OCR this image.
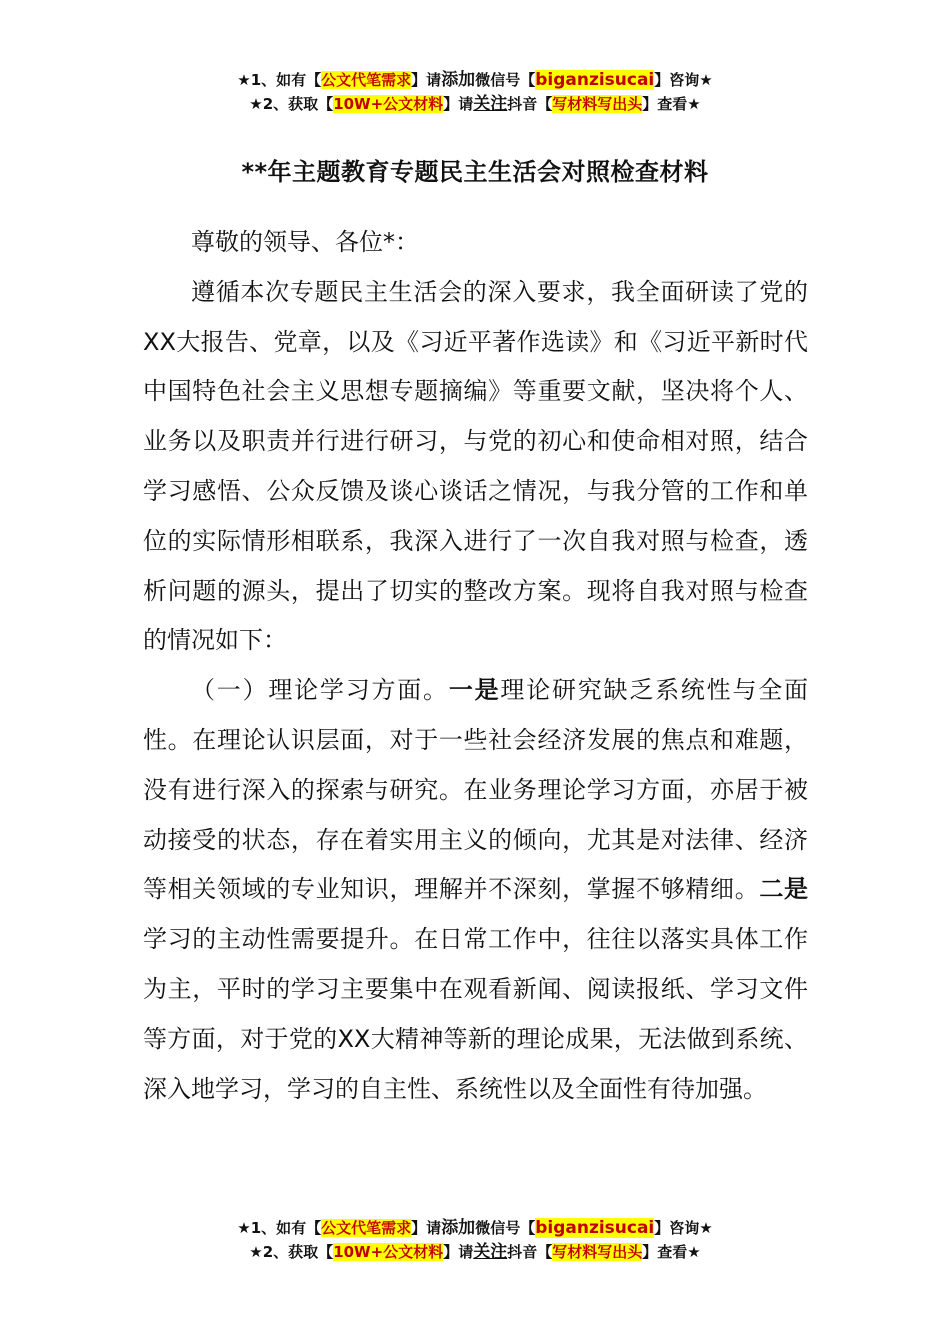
★1、如有【公文代笔需求】请添加微信号【biganzisucai】咨询★
★2、获取【10W+公文材料】请关注抖音【写材料写出头】查看★
**年主题教育专题民主生活会对照检查材料

尊敬的领导、各位*：

遵循本次专题民主生活会的深入要求，我全面研读了党的XX大报告、党章，以及《习近平著作选读》和《习近平新时代中国特色社会主义思想专题摘编》等重要文献，坚决将个人、业务以及职责并行进行研习，与党的初心和使命相对照，结合学习感悟、公众反馈及谈心谈话之情况，与我分管的工作和单位的实际情形相联系，我深入进行了一次自我对照与检查，透析问题的源头，提出了切实的整改方案。现将自我对照与检查的情况如下：

（一）理论学习方面。一是理论研究缺乏系统性与全面性。在理论认识层面，对于一些社会经济发展的焦点和难题，没有进行深入的探索与研究。在业务理论学习方面，亦居于被动接受的状态，存在着实用主义的倾向，尤其是对法律、经济等相关领域的专业知识，理解并不深刻，掌握不够精细。二是学习的主动性需要提升。在日常工作中，往往以落实具体工作为主，平时的学习主要集中在观看新闻、阅读报纸、学习文件等方面，对于党的XX大精神等新的理论成果，无法做到系统、深入地学习，学习的自主性、系统性以及全面性有待加强。

★1、如有【公文代笔需求】请添加微信号【biganzisucai】咨询★
★2、获取【10W+公文材料】请关注抖音【写材料写出头】查看★
